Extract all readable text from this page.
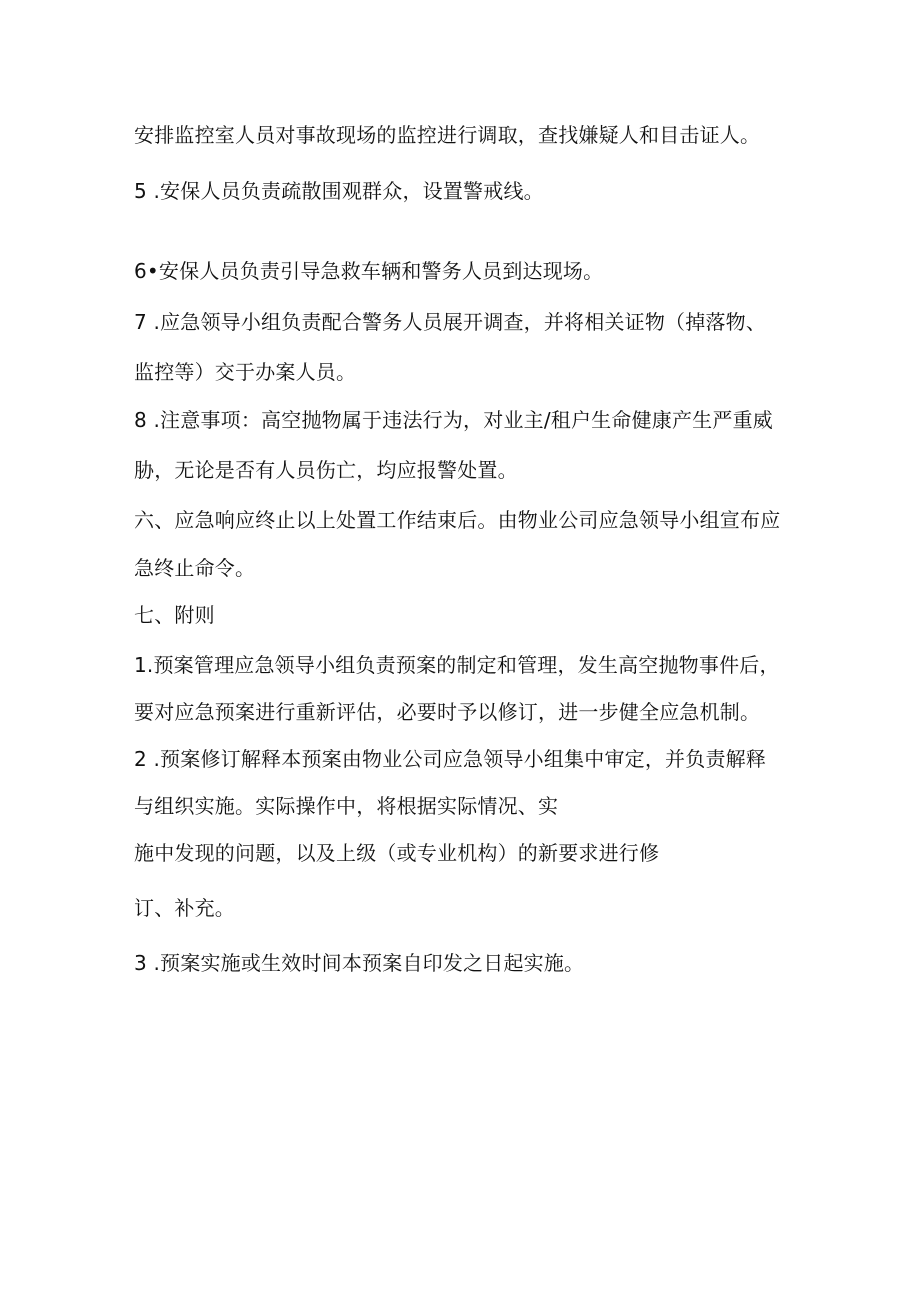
安排监控室人员对事故现场的监控进行调取，查找嫌疑人和目击证人。
5 .安保人员负责疏散围观群众，设置警戒线。
6•安保人员负责引导急救车辆和警务人员到达现场。
7 .应急领导小组负责配合警务人员展开调查，并将相关证物（掉落物、
监控等）交于办案人员。
8 .注意事项：高空抛物属于违法行为，对业主/租户生命健康产生严重威
胁，无论是否有人员伤亡，均应报警处置。
六、应急响应终止以上处置工作结束后。由物业公司应急领导小组宣布应
急终止命令。
七、附则
1.预案管理应急领导小组负责预案的制定和管理，发生高空抛物事件后，
要对应急预案进行重新评估，必要时予以修订，进一步健全应急机制。
2 .预案修订解释本预案由物业公司应急领导小组集中审定，并负责解释
与组织实施。实际操作中，将根据实际情况、实
施中发现的问题，以及上级（或专业机构）的新要求进行修
订、补充。
3 .预案实施或生效时间本预案自印发之日起实施。
